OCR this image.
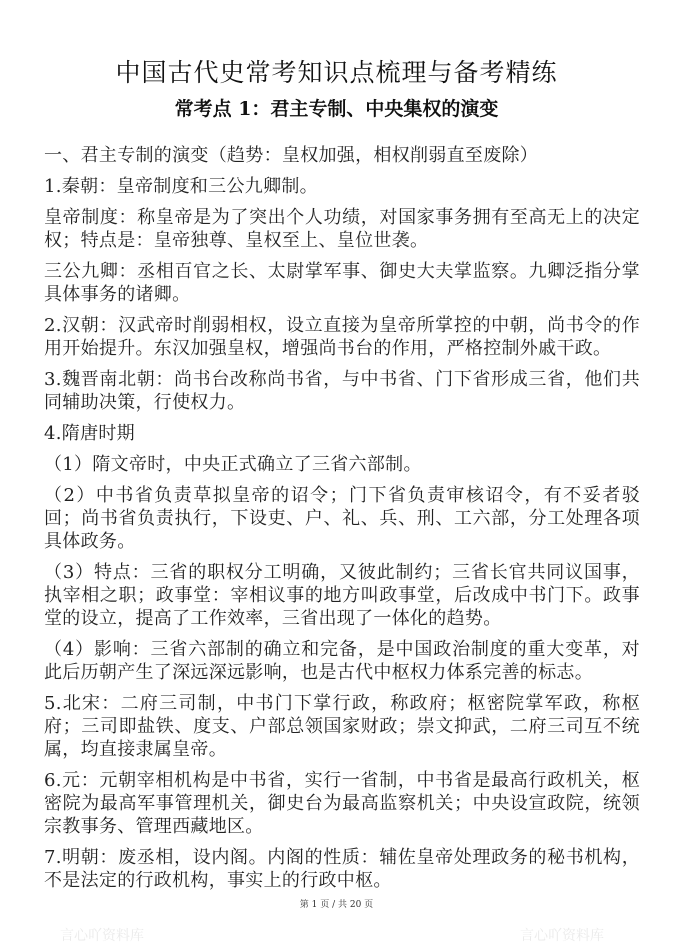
言心吖资料库	言心吖资料库
中国古代史常考知识点梳理与备考精练
常考点 1：君主专制、中央集权的演变

一、君主专制的演变（趋势：皇权加强，相权削弱直至废除）

1.秦朝：皇帝制度和三公九卿制。

皇帝制度：称皇帝是为了突出个人功绩，对国家事务拥有至高无上的决定权；特点是：皇帝独尊、皇权至上、皇位世袭。

三公九卿：丞相百官之长、太尉掌军事、御史大夫掌监察。九卿泛指分掌具体事务的诸卿。

2.汉朝：汉武帝时削弱相权，设立直接为皇帝所掌控的中朝，尚书令的作用开始提升。东汉加强皇权，增强尚书台的作用，严格控制外戚干政。

3.魏晋南北朝：尚书台改称尚书省，与中书省、门下省形成三省，他们共同辅助决策，行使权力。

4.隋唐时期

（1）隋文帝时，中央正式确立了三省六部制。

（2）中书省负责草拟皇帝的诏令；门下省负责审核诏令，有不妥者驳回；尚书省负责执行，下设吏、户、礼、兵、刑、工六部，分工处理各项具体政务。

（3）特点：三省的职权分工明确，又彼此制约；三省长官共同议国事，执宰相之职；政事堂：宰相议事的地方叫政事堂，后改成中书门下。政事堂的设立，提高了工作效率，三省出现了一体化的趋势。

（4）影响：三省六部制的确立和完备，是中国政治制度的重大变革，对此后历朝产生了深远深远影响，也是古代中枢权力体系完善的标志。

5.北宋：二府三司制，中书门下掌行政，称政府；枢密院掌军政，称枢府；三司即盐铁、度支、户部总领国家财政；崇文抑武，二府三司互不统属，均直接隶属皇帝。

6.元：元朝宰相机构是中书省，实行一省制，中书省是最高行政机关，枢密院为最高军事管理机关，御史台为最高监察机关；中央设宣政院，统领宗教事务、管理西藏地区。

7.明朝：废丞相，设内阁。内阁的性质：辅佐皇帝处理政务的秘书机构，不是法定的行政机构，事实上的行政中枢。

第 1 页 / 共 20 页
